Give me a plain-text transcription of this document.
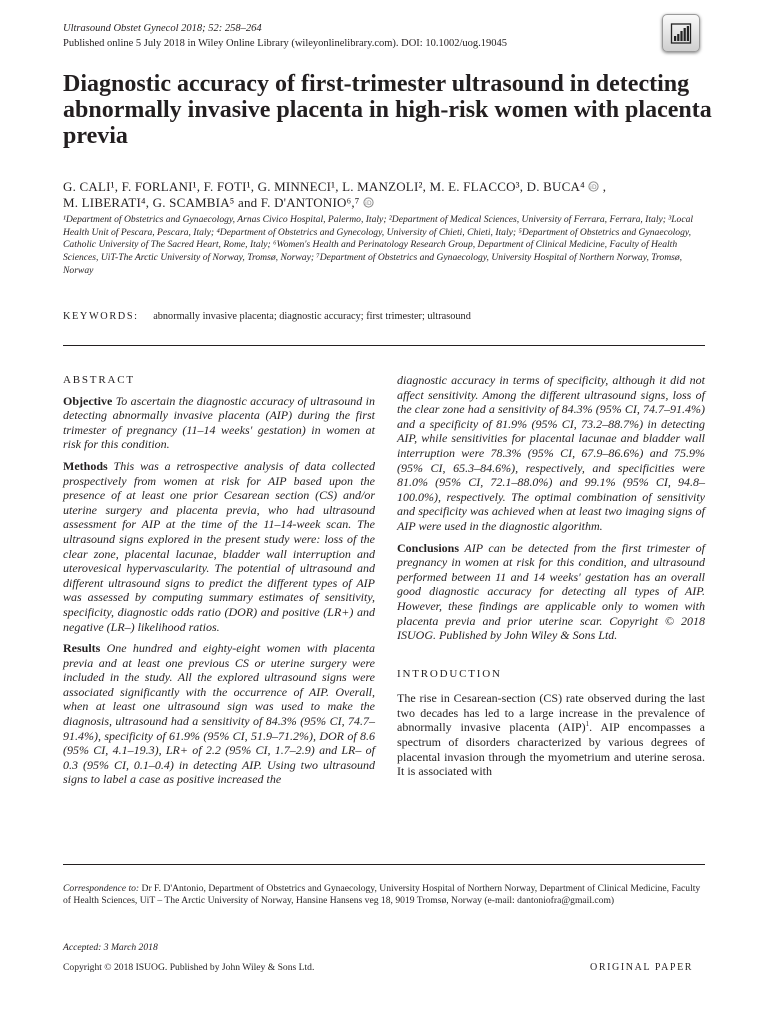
Ultrasound Obstet Gynecol 2018; 52: 258–264
Published online 5 July 2018 in Wiley Online Library (wileyonlinelibrary.com). DOI: 10.1002/uog.19045
Diagnostic accuracy of first-trimester ultrasound in detecting abnormally invasive placenta in high-risk women with placenta previa
G. CALI¹, F. FORLANI¹, F. FOTI¹, G. MINNECI¹, L. MANZOLI², M. E. FLACCO³, D. BUCA⁴ iD ,
M. LIBERATI⁴, G. SCAMBIA⁵ and F. D'ANTONIO⁶,⁷ iD
¹Department of Obstetrics and Gynaecology, Arnas Civico Hospital, Palermo, Italy; ²Department of Medical Sciences, University of Ferrara, Ferrara, Italy; ³Local Health Unit of Pescara, Pescara, Italy; ⁴Department of Obstetrics and Gynecology, University of Chieti, Chieti, Italy; ⁵Department of Obstetrics and Gynaecology, Catholic University of The Sacred Heart, Rome, Italy; ⁶Women's Health and Perinatology Research Group, Department of Clinical Medicine, Faculty of Health Sciences, UiT-The Arctic University of Norway, Tromsø, Norway; ⁷Department of Obstetrics and Gynaecology, University Hospital of Northern Norway, Tromsø, Norway
KEYWORDS: abnormally invasive placenta; diagnostic accuracy; first trimester; ultrasound

ABSTRACT

Objective To ascertain the diagnostic accuracy of ultrasound in detecting abnormally invasive placenta (AIP) during the first trimester of pregnancy (11–14 weeks' gestation) in women at risk for this condition.

Methods This was a retrospective analysis of data collected prospectively from women at risk for AIP based upon the presence of at least one prior Cesarean section (CS) and/or uterine surgery and placenta previa, who had ultrasound assessment for AIP at the time of the 11–14-week scan. The ultrasound signs explored in the present study were: loss of the clear zone, placental lacunae, bladder wall interruption and uterovesical hypervascularity. The potential of ultrasound and different ultrasound signs to predict the different types of AIP was assessed by computing summary estimates of sensitivity, specificity, diagnostic odds ratio (DOR) and positive (LR+) and negative (LR–) likelihood ratios.

Results One hundred and eighty-eight women with placenta previa and at least one previous CS or uterine surgery were included in the study. All the explored ultrasound signs were associated significantly with the occurrence of AIP. Overall, when at least one ultrasound sign was used to make the diagnosis, ultrasound had a sensitivity of 84.3% (95% CI, 74.7–91.4%), specificity of 61.9% (95% CI, 51.9–71.2%), DOR of 8.6 (95% CI, 4.1–19.3), LR+ of 2.2 (95% CI, 1.7–2.9) and LR– of 0.3 (95% CI, 0.1–0.4) in detecting AIP. Using two ultrasound signs to label a case as positive increased the

diagnostic accuracy in terms of specificity, although it did not affect sensitivity. Among the different ultrasound signs, loss of the clear zone had a sensitivity of 84.3% (95% CI, 74.7–91.4%) and a specificity of 81.9% (95% CI, 73.2–88.7%) in detecting AIP, while sensitivities for placental lacunae and bladder wall interruption were 78.3% (95% CI, 67.9–86.6%) and 75.9% (95% CI, 65.3–84.6%), respectively, and specificities were 81.0% (95% CI, 72.1–88.0%) and 99.1% (95% CI, 94.8–100.0%), respectively. The optimal combination of sensitivity and specificity was achieved when at least two imaging signs of AIP were used in the diagnostic algorithm.

Conclusions AIP can be detected from the first trimester of pregnancy in women at risk for this condition, and ultrasound performed between 11 and 14 weeks' gestation has an overall good diagnostic accuracy for detecting all types of AIP. However, these findings are applicable only to women with placenta previa and prior uterine scar. Copyright © 2018 ISUOG. Published by John Wiley & Sons Ltd.

INTRODUCTION

The rise in Cesarean-section (CS) rate observed during the last two decades has led to a large increase in the prevalence of abnormally invasive placenta (AIP)$^1$. AIP encompasses a spectrum of disorders characterized by various degrees of placental invasion through the myometrium and uterine serosa. It is associated with

Correspondence to: Dr F. D'Antonio, Department of Obstetrics and Gynaecology, University Hospital of Northern Norway, Department of Clinical Medicine, Faculty of Health Sciences, UiT – The Arctic University of Norway, Hansine Hansens veg 18, 9019 Tromsø, Norway (e-mail: dantoniofra@gmail.com)
Accepted: 3 March 2018
Copyright © 2018 ISUOG. Published by John Wiley & Sons Ltd.	ORIGINAL PAPER
